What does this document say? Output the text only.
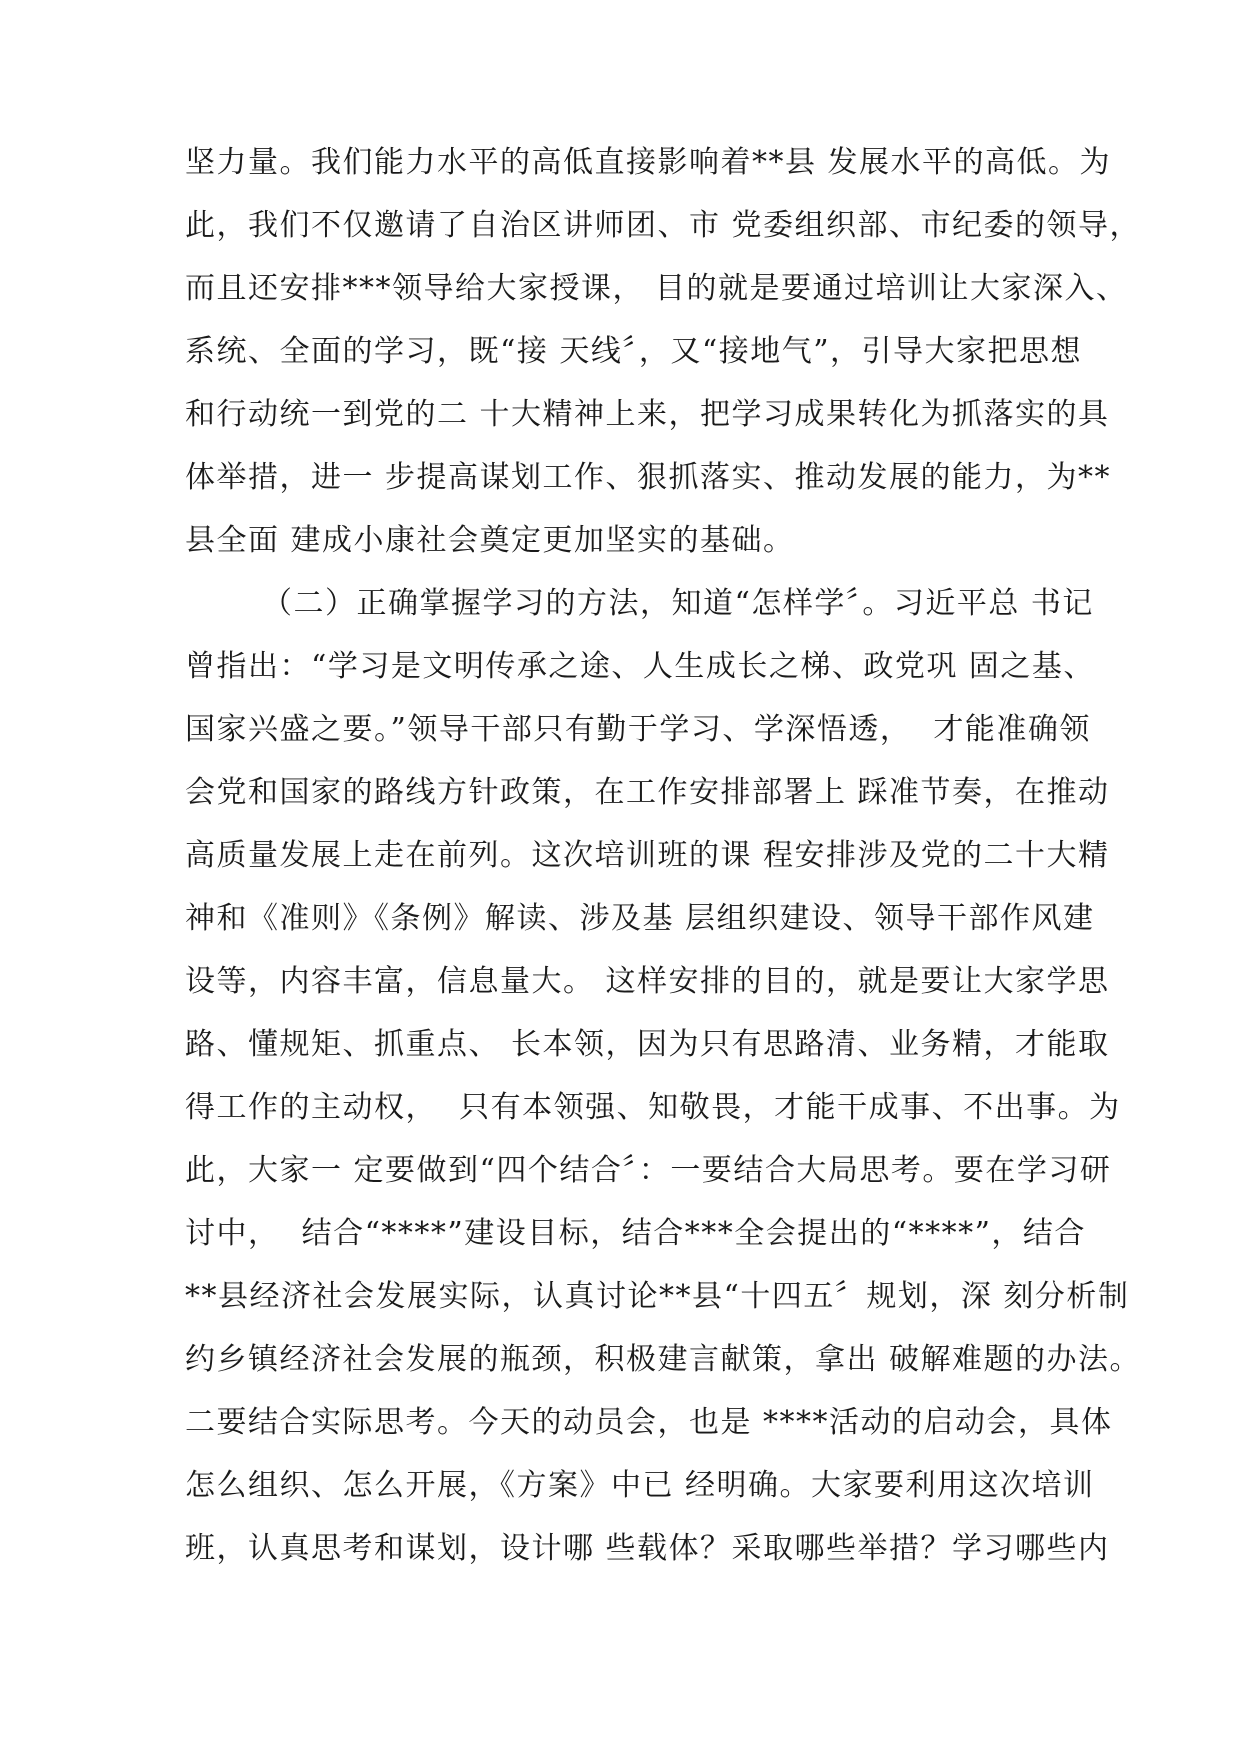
坚力量。我们能力水平的高低直接影响着**县 发展水平的高低。为
此，我们不仅邀请了自治区讲师团、市 党委组织部、市纪委的领导，
而且还安排***领导给大家授课， 目的就是要通过培训让大家深入、
系统、全面的学习，既“接 天线〞，又“接地气”，引导大家把思想
和行动统一到党的二 十大精神上来，把学习成果转化为抓落实的具
体举措，进一 步提高谋划工作、狠抓落实、推动发展的能力，为**
县全面 建成小康社会奠定更加坚实的基础。
（二）正确掌握学习的方法，知道“怎样学〞。习近平总 书记
曾指出：“学习是文明传承之途、人生成长之梯、政党巩 固之基、
国家兴盛之要。”领导干部只有勤于学习、学深悟透，  才能准确领
会党和国家的路线方针政策，在工作安排部署上 踩准节奏，在推动
高质量发展上走在前列。这次培训班的课 程安排涉及党的二十大精
神和《准则》《条例》解读、涉及基 层组织建设、领导干部作风建
设等，内容丰富，信息量大。 这样安排的目的，就是要让大家学思
路、懂规矩、抓重点、 长本领，因为只有思路清、业务精，才能取
得工作的主动权，  只有本领强、知敬畏，才能干成事、不出事。为
此，大家一 定要做到“四个结合〞：一要结合大局思考。要在学习研
讨中，  结合“****”建设目标，结合***全会提出的“****”，结合
**县经济社会发展实际，认真讨论**县“十四五〞规划，深 刻分析制
约乡镇经济社会发展的瓶颈，积极建言献策，拿出 破解难题的办法。
二要结合实际思考。今天的动员会，也是 ****活动的启动会，具体
怎么组织、怎么开展，《方案》中已 经明确。大家要利用这次培训
班，认真思考和谋划，设计哪 些载体？采取哪些举措？学习哪些内
